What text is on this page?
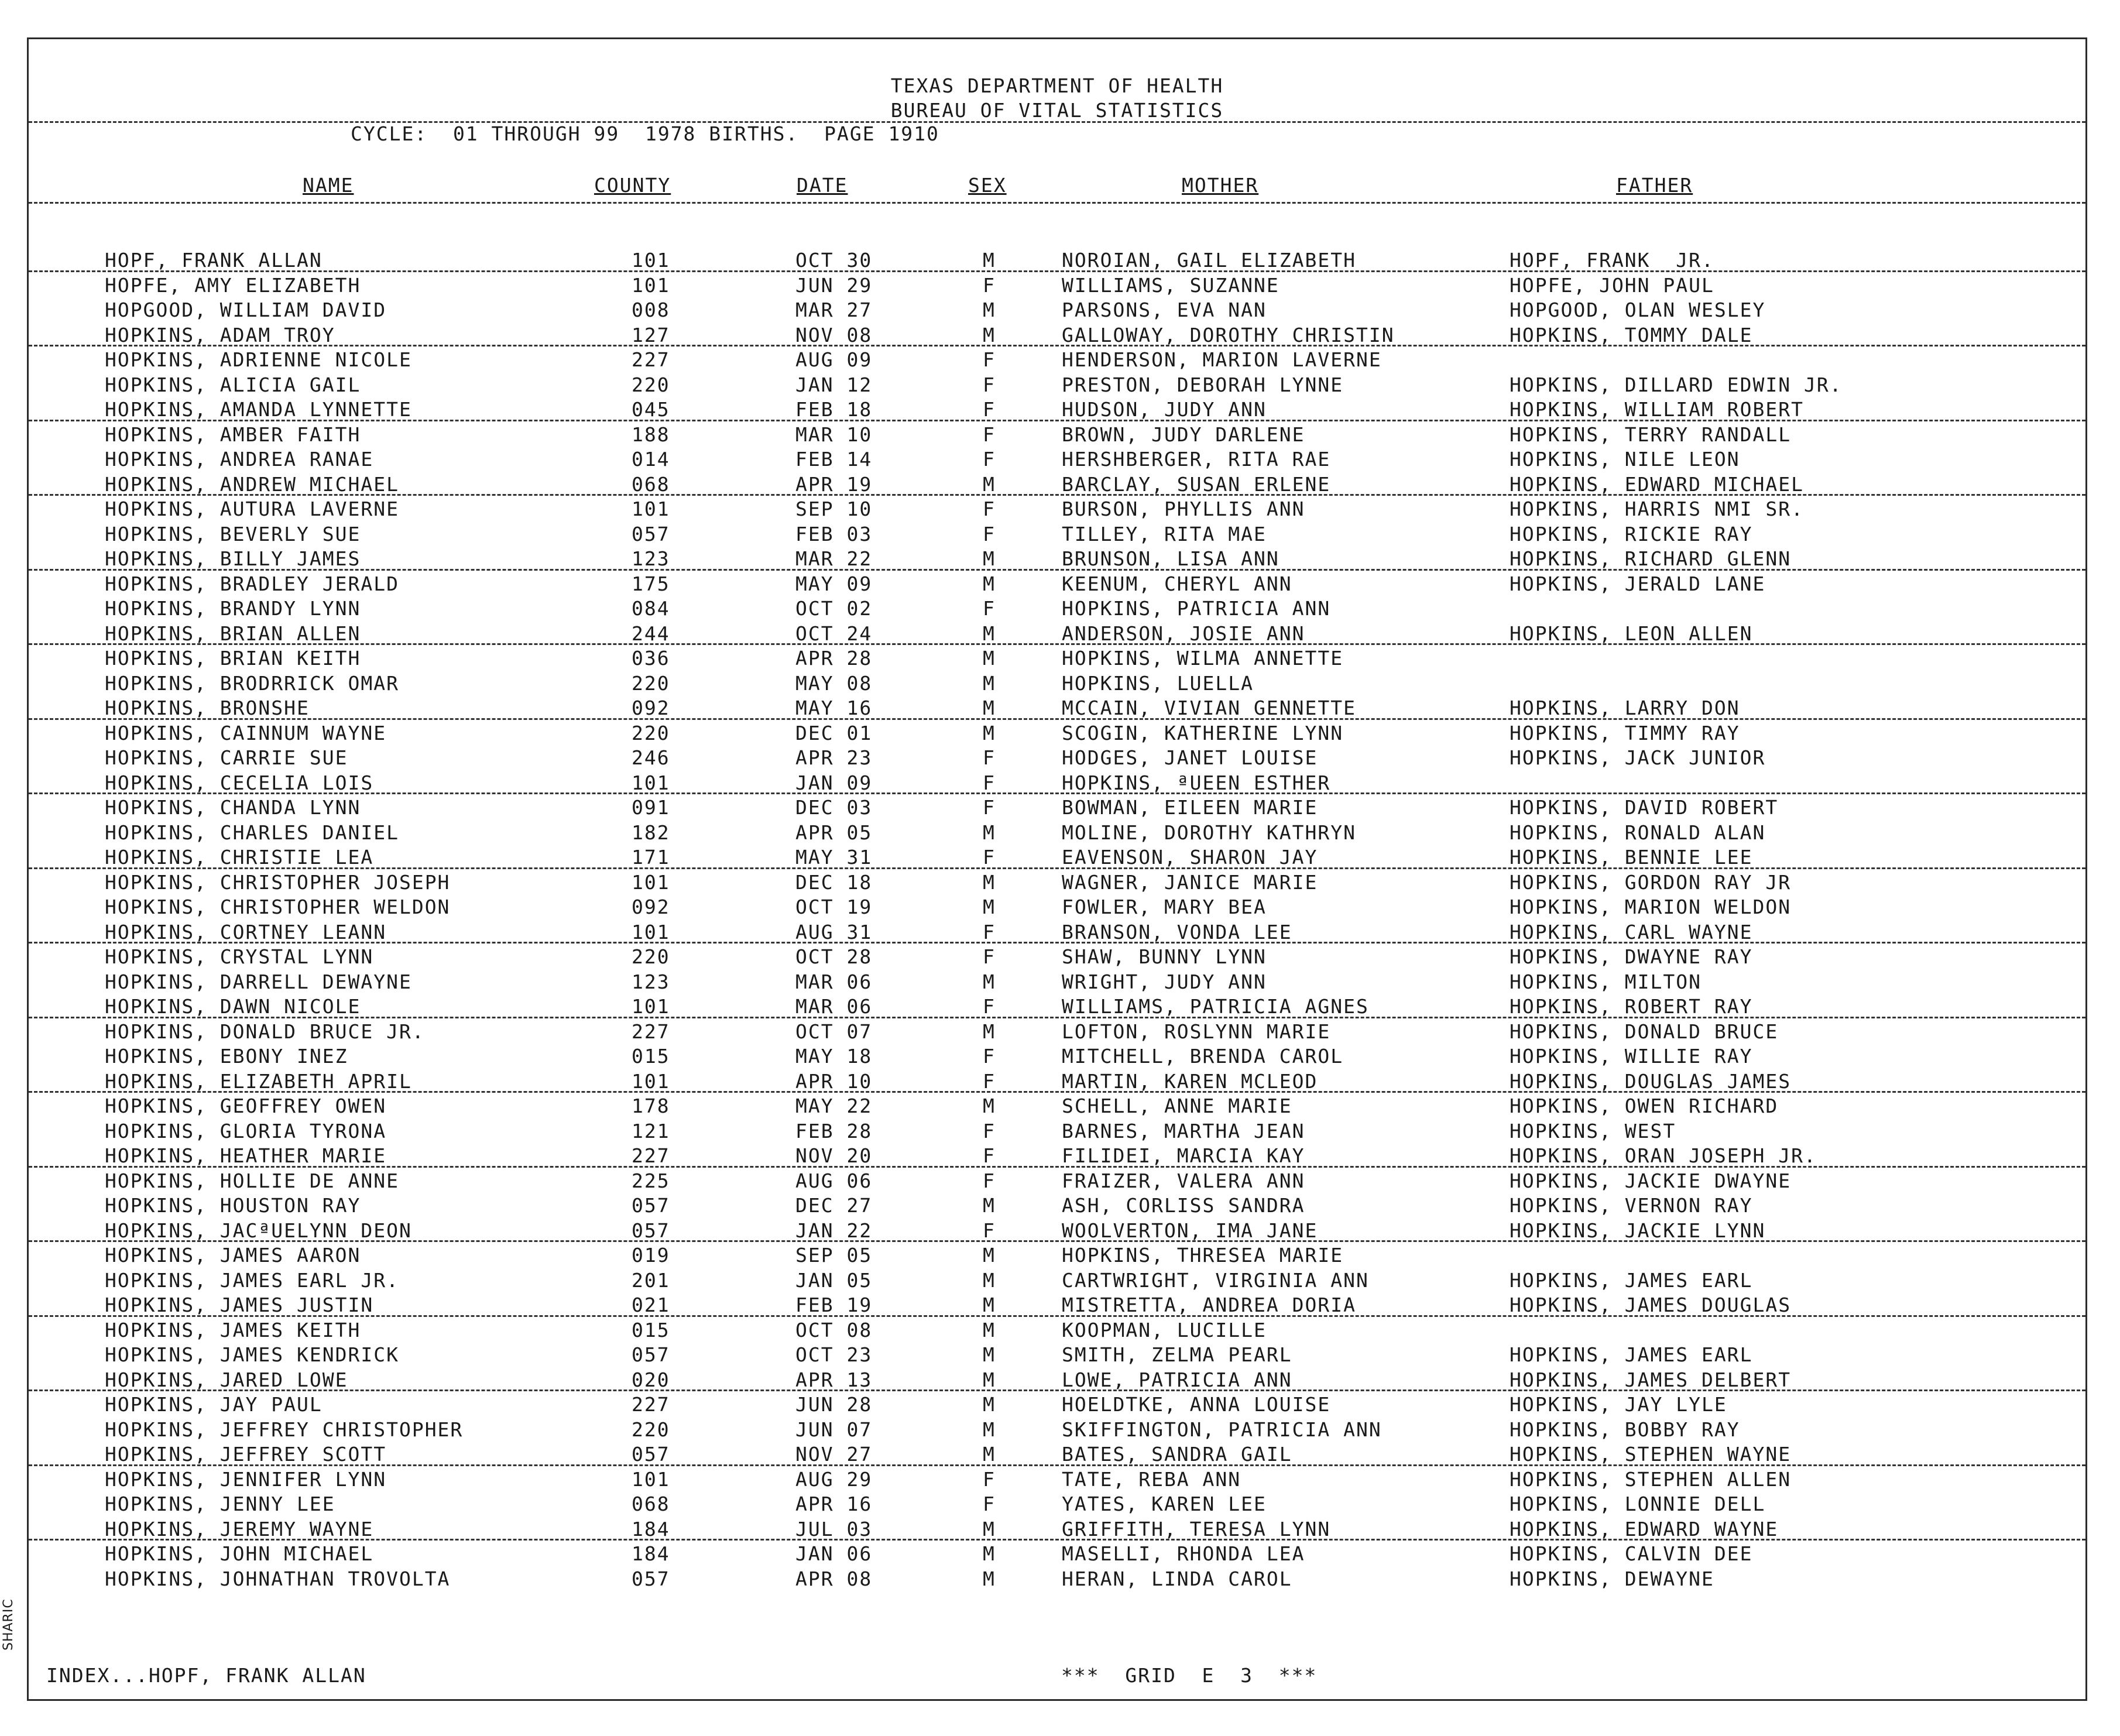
TEXAS DEPARTMENT OF HEALTH
BUREAU OF VITAL STATISTICS
CYCLE:  01 THROUGH 99  1978 BIRTHS.  PAGE 1910
NAME	COUNTY	DATE	SEX	MOTHER	FATHER
HOPF, FRANK ALLAN	101	OCT 30	M	NOROIAN, GAIL ELIZABETH	HOPF, FRANK  JR.
HOPFE, AMY ELIZABETH	101	JUN 29	F	WILLIAMS, SUZANNE	HOPFE, JOHN PAUL
HOPGOOD, WILLIAM DAVID	008	MAR 27	M	PARSONS, EVA NAN	HOPGOOD, OLAN WESLEY
HOPKINS, ADAM TROY	127	NOV 08	M	GALLOWAY, DOROTHY CHRISTIN	HOPKINS, TOMMY DALE
HOPKINS, ADRIENNE NICOLE	227	AUG 09	F	HENDERSON, MARION LAVERNE
HOPKINS, ALICIA GAIL	220	JAN 12	F	PRESTON, DEBORAH LYNNE	HOPKINS, DILLARD EDWIN JR.
HOPKINS, AMANDA LYNNETTE	045	FEB 18	F	HUDSON, JUDY ANN	HOPKINS, WILLIAM ROBERT
HOPKINS, AMBER FAITH	188	MAR 10	F	BROWN, JUDY DARLENE	HOPKINS, TERRY RANDALL
HOPKINS, ANDREA RANAE	014	FEB 14	F	HERSHBERGER, RITA RAE	HOPKINS, NILE LEON
HOPKINS, ANDREW MICHAEL	068	APR 19	M	BARCLAY, SUSAN ERLENE	HOPKINS, EDWARD MICHAEL
HOPKINS, AUTURA LAVERNE	101	SEP 10	F	BURSON, PHYLLIS ANN	HOPKINS, HARRIS NMI SR.
HOPKINS, BEVERLY SUE	057	FEB 03	F	TILLEY, RITA MAE	HOPKINS, RICKIE RAY
HOPKINS, BILLY JAMES	123	MAR 22	M	BRUNSON, LISA ANN	HOPKINS, RICHARD GLENN
HOPKINS, BRADLEY JERALD	175	MAY 09	M	KEENUM, CHERYL ANN	HOPKINS, JERALD LANE
HOPKINS, BRANDY LYNN	084	OCT 02	F	HOPKINS, PATRICIA ANN
HOPKINS, BRIAN ALLEN	244	OCT 24	M	ANDERSON, JOSIE ANN	HOPKINS, LEON ALLEN
HOPKINS, BRIAN KEITH	036	APR 28	M	HOPKINS, WILMA ANNETTE
HOPKINS, BRODRRICK OMAR	220	MAY 08	M	HOPKINS, LUELLA
HOPKINS, BRONSHE	092	MAY 16	M	MCCAIN, VIVIAN GENNETTE	HOPKINS, LARRY DON
HOPKINS, CAINNUM WAYNE	220	DEC 01	M	SCOGIN, KATHERINE LYNN	HOPKINS, TIMMY RAY
HOPKINS, CARRIE SUE	246	APR 23	F	HODGES, JANET LOUISE	HOPKINS, JACK JUNIOR
HOPKINS, CECELIA LOIS	101	JAN 09	F	HOPKINS, ªUEEN ESTHER
HOPKINS, CHANDA LYNN	091	DEC 03	F	BOWMAN, EILEEN MARIE	HOPKINS, DAVID ROBERT
HOPKINS, CHARLES DANIEL	182	APR 05	M	MOLINE, DOROTHY KATHRYN	HOPKINS, RONALD ALAN
HOPKINS, CHRISTIE LEA	171	MAY 31	F	EAVENSON, SHARON JAY	HOPKINS, BENNIE LEE
HOPKINS, CHRISTOPHER JOSEPH	101	DEC 18	M	WAGNER, JANICE MARIE	HOPKINS, GORDON RAY JR
HOPKINS, CHRISTOPHER WELDON	092	OCT 19	M	FOWLER, MARY BEA	HOPKINS, MARION WELDON
HOPKINS, CORTNEY LEANN	101	AUG 31	F	BRANSON, VONDA LEE	HOPKINS, CARL WAYNE
HOPKINS, CRYSTAL LYNN	220	OCT 28	F	SHAW, BUNNY LYNN	HOPKINS, DWAYNE RAY
HOPKINS, DARRELL DEWAYNE	123	MAR 06	M	WRIGHT, JUDY ANN	HOPKINS, MILTON
HOPKINS, DAWN NICOLE	101	MAR 06	F	WILLIAMS, PATRICIA AGNES	HOPKINS, ROBERT RAY
HOPKINS, DONALD BRUCE JR.	227	OCT 07	M	LOFTON, ROSLYNN MARIE	HOPKINS, DONALD BRUCE
HOPKINS, EBONY INEZ	015	MAY 18	F	MITCHELL, BRENDA CAROL	HOPKINS, WILLIE RAY
HOPKINS, ELIZABETH APRIL	101	APR 10	F	MARTIN, KAREN MCLEOD	HOPKINS, DOUGLAS JAMES
HOPKINS, GEOFFREY OWEN	178	MAY 22	M	SCHELL, ANNE MARIE	HOPKINS, OWEN RICHARD
HOPKINS, GLORIA TYRONA	121	FEB 28	F	BARNES, MARTHA JEAN	HOPKINS, WEST
HOPKINS, HEATHER MARIE	227	NOV 20	F	FILIDEI, MARCIA KAY	HOPKINS, ORAN JOSEPH JR.
HOPKINS, HOLLIE DE ANNE	225	AUG 06	F	FRAIZER, VALERA ANN	HOPKINS, JACKIE DWAYNE
HOPKINS, HOUSTON RAY	057	DEC 27	M	ASH, CORLISS SANDRA	HOPKINS, VERNON RAY
HOPKINS, JACªUELYNN DEON	057	JAN 22	F	WOOLVERTON, IMA JANE	HOPKINS, JACKIE LYNN
HOPKINS, JAMES AARON	019	SEP 05	M	HOPKINS, THRESEA MARIE
HOPKINS, JAMES EARL JR.	201	JAN 05	M	CARTWRIGHT, VIRGINIA ANN	HOPKINS, JAMES EARL
HOPKINS, JAMES JUSTIN	021	FEB 19	M	MISTRETTA, ANDREA DORIA	HOPKINS, JAMES DOUGLAS
HOPKINS, JAMES KEITH	015	OCT 08	M	KOOPMAN, LUCILLE
HOPKINS, JAMES KENDRICK	057	OCT 23	M	SMITH, ZELMA PEARL	HOPKINS, JAMES EARL
HOPKINS, JARED LOWE	020	APR 13	M	LOWE, PATRICIA ANN	HOPKINS, JAMES DELBERT
HOPKINS, JAY PAUL	227	JUN 28	M	HOELDTKE, ANNA LOUISE	HOPKINS, JAY LYLE
HOPKINS, JEFFREY CHRISTOPHER	220	JUN 07	M	SKIFFINGTON, PATRICIA ANN	HOPKINS, BOBBY RAY
HOPKINS, JEFFREY SCOTT	057	NOV 27	M	BATES, SANDRA GAIL	HOPKINS, STEPHEN WAYNE
HOPKINS, JENNIFER LYNN	101	AUG 29	F	TATE, REBA ANN	HOPKINS, STEPHEN ALLEN
HOPKINS, JENNY LEE	068	APR 16	F	YATES, KAREN LEE	HOPKINS, LONNIE DELL
HOPKINS, JEREMY WAYNE	184	JUL 03	M	GRIFFITH, TERESA LYNN	HOPKINS, EDWARD WAYNE
HOPKINS, JOHN MICHAEL	184	JAN 06	M	MASELLI, RHONDA LEA	HOPKINS, CALVIN DEE
HOPKINS, JOHNATHAN TROVOLTA	057	APR 08	M	HERAN, LINDA CAROL	HOPKINS, DEWAYNE
INDEX...HOPF, FRANK ALLAN	***  GRID  E  3  ***
SHARIC
